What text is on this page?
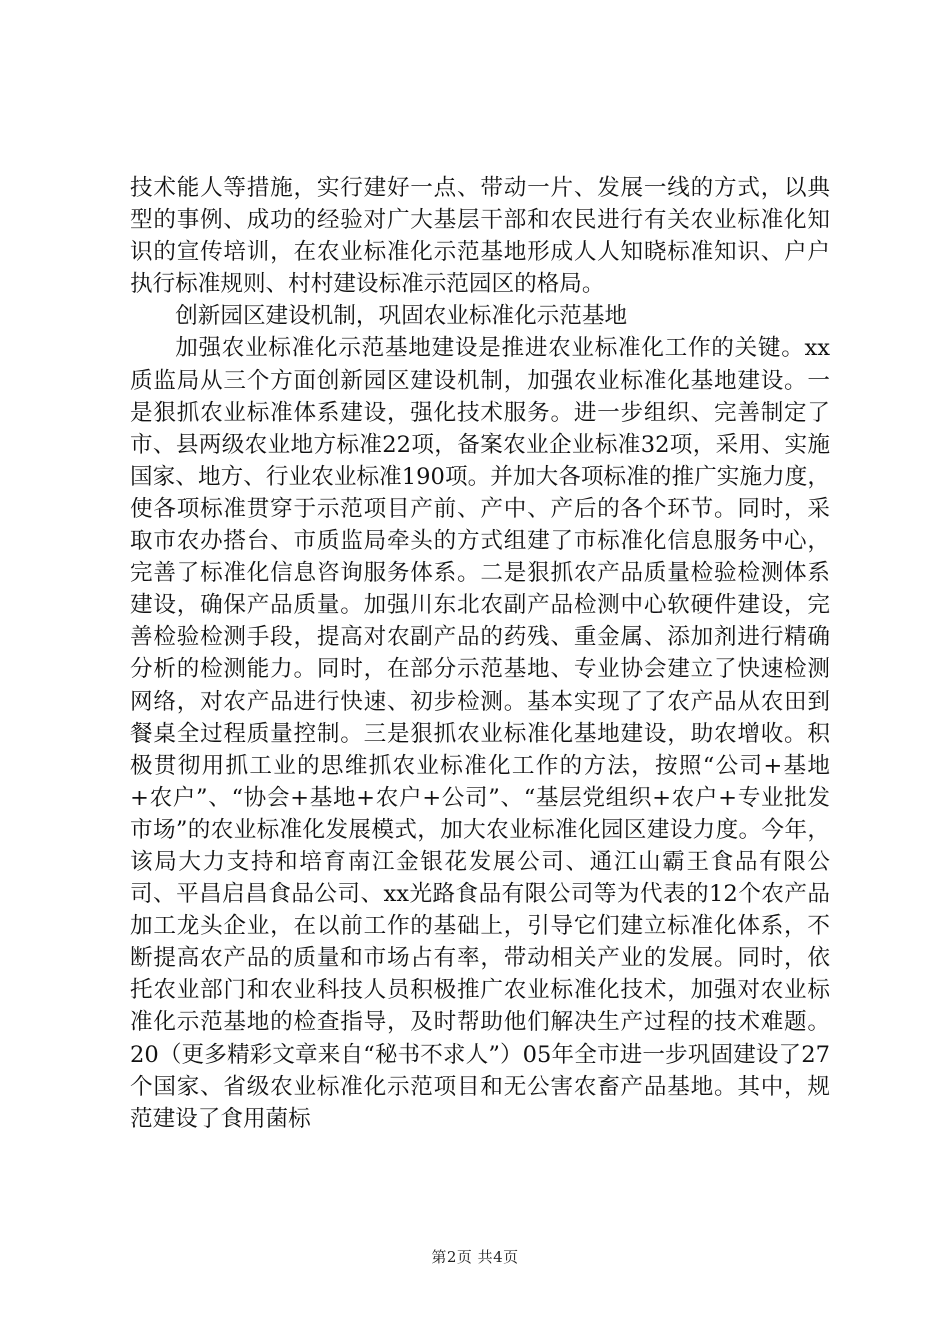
技术能人等措施，实行建好一点、带动一片、发展一线的方式，以典型的事例、成功的经验对广大基层干部和农民进行有关农业标准化知识的宣传培训，在农业标准化示范基地形成人人知晓标准知识、户户执行标准规则、村村建设标准示范园区的格局。

创新园区建设机制，巩固农业标准化示范基地

加强农业标准化示范基地建设是推进农业标准化工作的关键。xx质监局从三个方面创新园区建设机制，加强农业标准化基地建设。一是狠抓农业标准体系建设，强化技术服务。进一步组织、完善制定了市、县两级农业地方标准22项，备案农业企业标准32项，采用、实施国家、地方、行业农业标准190项。并加大各项标准的推广实施力度，使各项标准贯穿于示范项目产前、产中、产后的各个环节。同时，采取市农办搭台、市质监局牵头的方式组建了市标准化信息服务中心，完善了标准化信息咨询服务体系。二是狠抓农产品质量检验检测体系建设，确保产品质量。加强川东北农副产品检测中心软硬件建设，完善检验检测手段，提高对农副产品的药残、重金属、添加剂进行精确分析的检测能力。同时，在部分示范基地、专业协会建立了快速检测网络，对农产品进行快速、初步检测。基本实现了了农产品从农田到餐桌全过程质量控制。三是狠抓农业标准化基地建设，助农增收。积极贯彻用抓工业的思维抓农业标准化工作的方法，按照“公司+基地+农户”、“协会+基地+农户+公司”、“基层党组织+农户+专业批发市场”的农业标准化发展模式，加大农业标准化园区建设力度。今年，该局大力支持和培育南江金银花发展公司、通江山霸王食品有限公司、平昌启昌食品公司、xx光路食品有限公司等为代表的12个农产品加工龙头企业，在以前工作的基础上，引导它们建立标准化体系，不断提高农产品的质量和市场占有率，带动相关产业的发展。同时，依托农业部门和农业科技人员积极推广农业标准化技术，加强对农业标准化示范基地的检查指导，及时帮助他们解决生产过程的技术难题。20（更多精彩文章来自“秘书不求人”）05年全市进一步巩固建设了27个国家、省级农业标准化示范项目和无公害农畜产品基地。其中，规范建设了食用菌标

第2页 共4页
